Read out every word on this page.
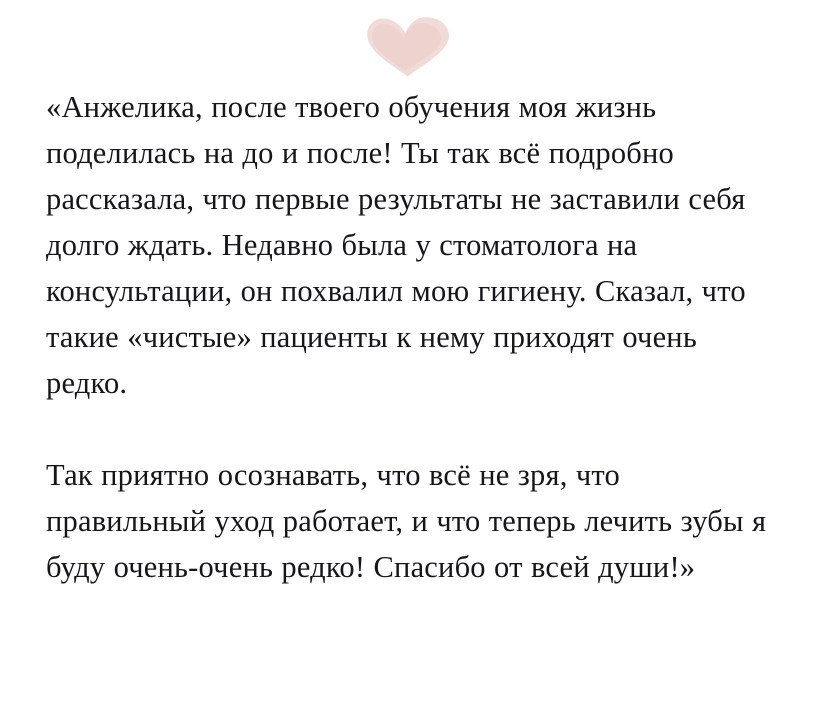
«Анжелика, после твоего обучения моя жизнь поделилась на до и после! Ты так всё подробно рассказала, что первые результаты не заставили себя долго ждать. Недавно была у стоматолога на консультации, он похвалил мою гигиену. Сказал, что такие «чистые» пациенты к нему приходят очень редко.

Так приятно осознавать, что всё не зря, что правильный уход работает, и что теперь лечить зубы я буду очень-очень редко! Спасибо от всей души!»
